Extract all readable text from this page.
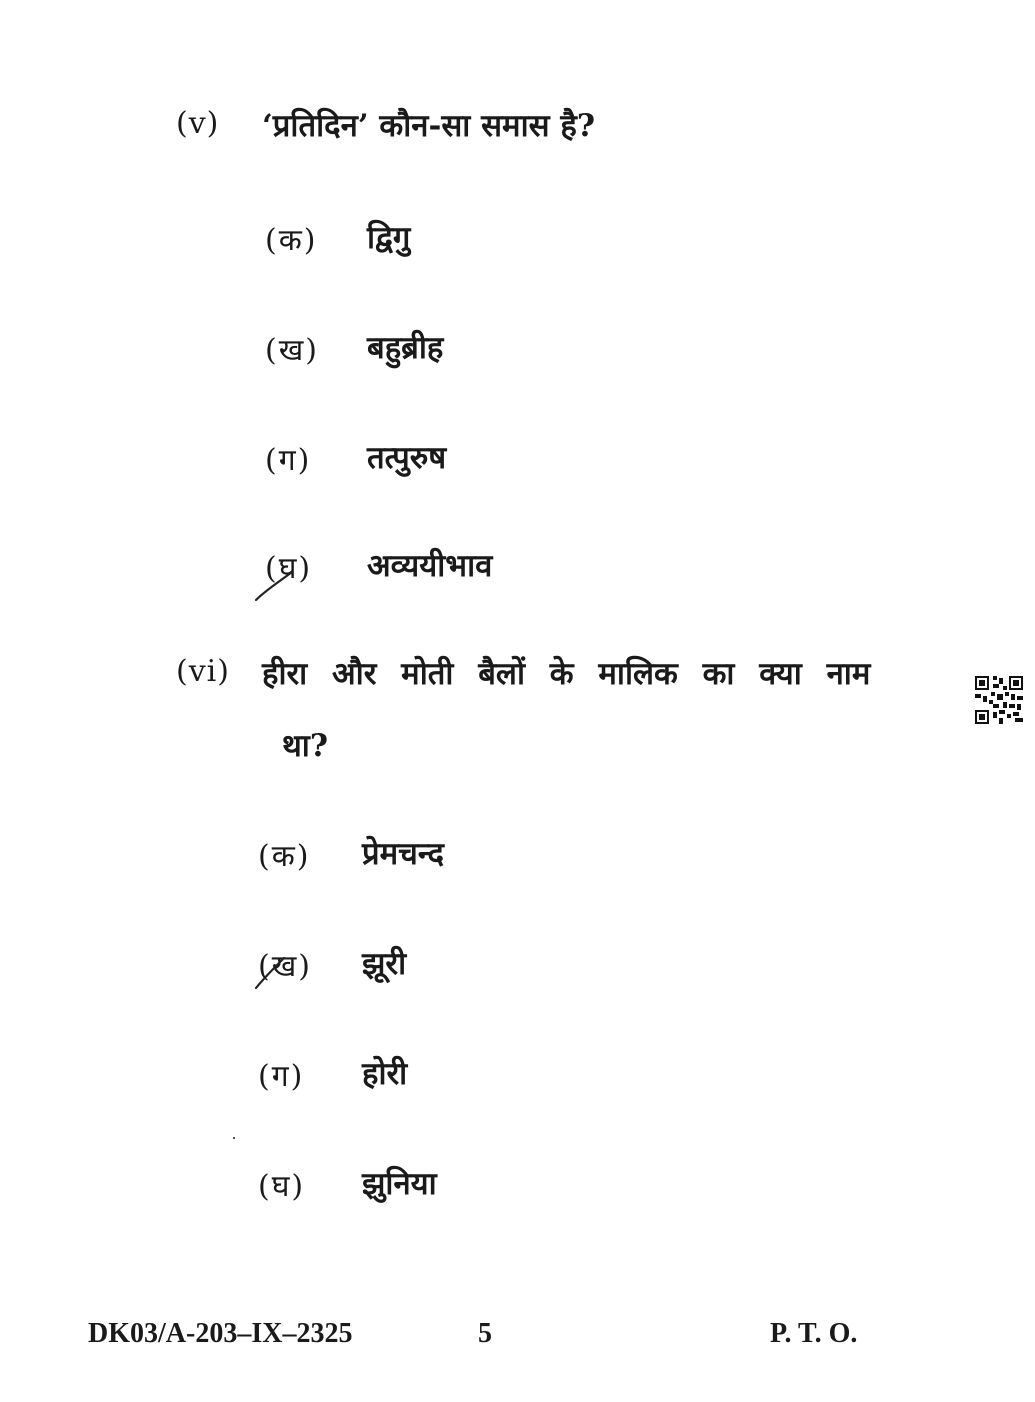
(v) ‘प्रतिदिन’ कौन-सा समास है?
(क) द्विगु
(ख) बहुब्रीह
(ग) तत्पुरुष
(घ) अव्ययीभाव
(vi) हीरा और मोती बैलों के मालिक का क्या नाम
था?
(क) प्रेमचन्द
(ख) झूरी
(ग) होरी
(घ) झुनिया
DK03/A-203–IX–2325	5	P. T. O.
